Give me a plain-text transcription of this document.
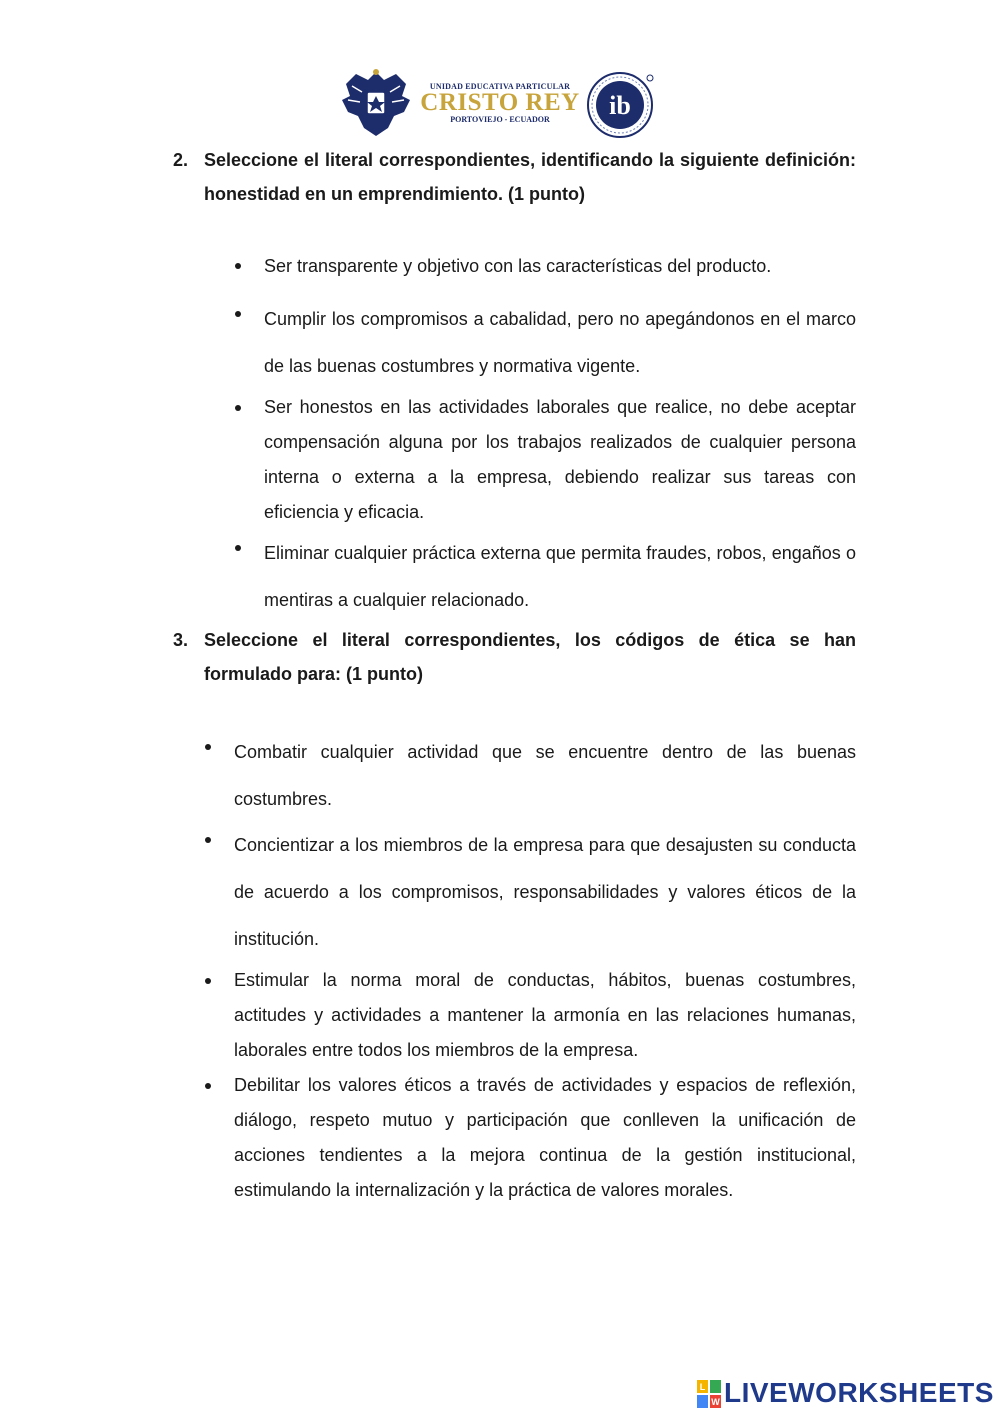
UNIDAD EDUCATIVA PARTICULAR
CRISTO REY
PORTOVIEJO - ECUADOR	ib
2. Seleccione el literal correspondientes, identificando la siguiente definición: honestidad en un emprendimiento. (1 punto)
Ser transparente y objetivo con las características del producto.
Cumplir los compromisos a cabalidad, pero no apegándonos en el marco de las buenas costumbres y normativa vigente.
Ser honestos en las actividades laborales que realice, no debe aceptar compensación alguna por los trabajos realizados de cualquier persona interna o externa a la empresa, debiendo realizar sus tareas con eficiencia y eficacia.
Eliminar cualquier práctica externa que permita fraudes, robos, engaños o mentiras a cualquier relacionado.
3. Seleccione el literal correspondientes, los códigos de ética se han formulado para: (1 punto)
Combatir cualquier actividad que se encuentre dentro de las buenas costumbres.
Concientizar a los miembros de la empresa para que desajusten su conducta de acuerdo a los compromisos, responsabilidades y valores éticos de la institución.
Estimular la norma moral de conductas, hábitos, buenas costumbres, actitudes y actividades a mantener la armonía en las relaciones humanas, laborales entre todos los miembros de la empresa.
Debilitar los valores éticos a través de actividades y espacios de reflexión, diálogo, respeto mutuo y participación que conlleven la unificación de acciones tendientes a la mejora continua de la gestión institucional, estimulando la internalización y la práctica de valores morales.
L
W LIVEWORKSHEETS
